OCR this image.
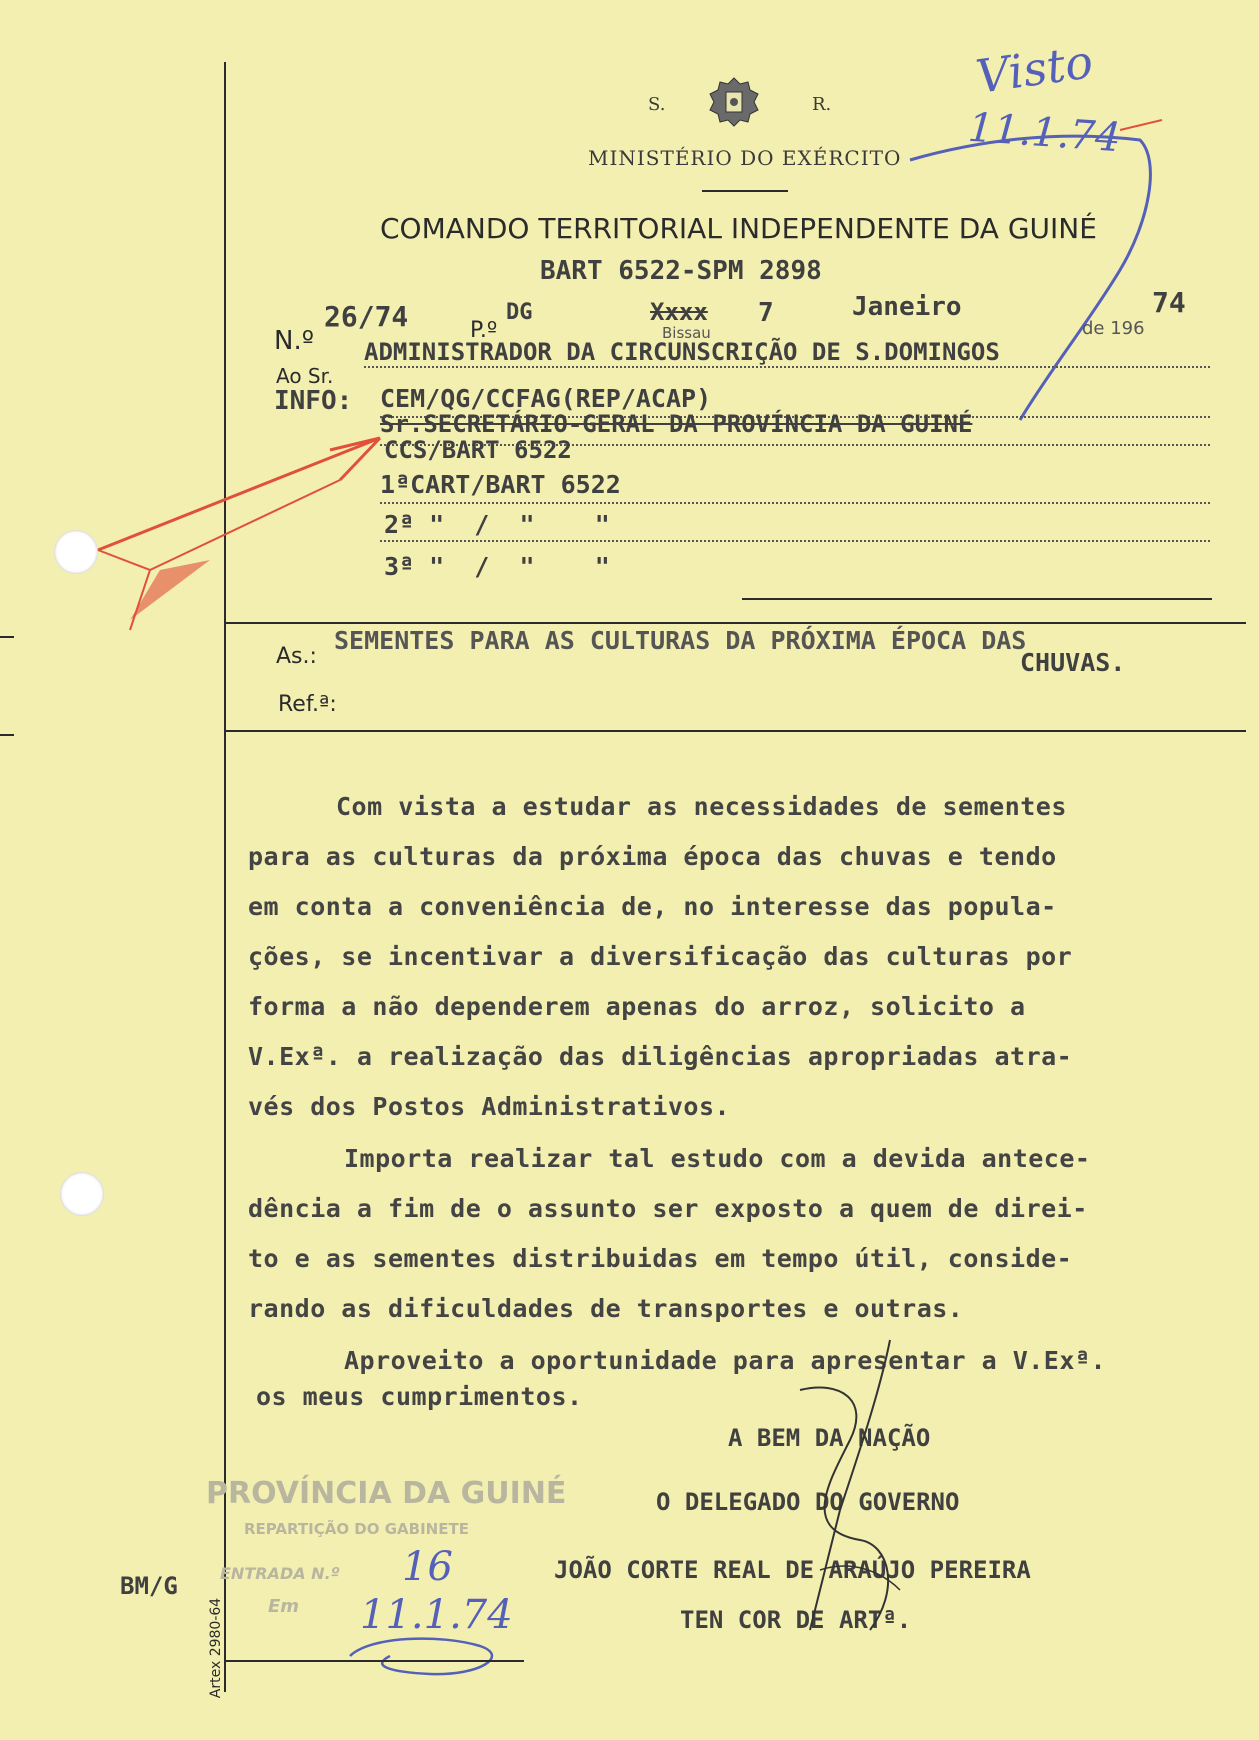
S.	R.
MINISTÉRIO DO EXÉRCITO
COMANDO TERRITORIAL INDEPENDENTE DA GUINÉ
BART 6522-SPM 2898
Visto
11.1.74
N.º
26/74	P.º
DG	Xxxx
Bissau
7	Janeiro
de 196
74
Ao Sr.
ADMINISTRADOR DA CIRCUNSCRIÇÃO DE S.DOMINGOS
INFO: CEM/QG/CCFAG(REP/ACAP)
Sr.SECRETÁRIO-GERAL DA PROVÍNCIA DA GUINÉ
CCS/BART 6522
1ªCART/BART 6522
2ª "  /  "    "
3ª "  /  "    "
As.:
SEMENTES PARA AS CULTURAS DA PRÓXIMA ÉPOCA DAS
CHUVAS.
Ref.ª:
Com vista a estudar as necessidades de sementes
para as culturas da próxima época das chuvas e tendo
em conta a conveniência de, no interesse das popula-
ções, se incentivar a diversificação das culturas por
forma a não dependerem apenas do arroz, solicito a
V.Exª. a realização das diligências apropriadas atra-
vés dos Postos Administrativos.
Importa realizar tal estudo com a devida antece-
dência a fim de o assunto ser exposto a quem de direi-
to e as sementes distribuidas em tempo útil, conside-
rando as dificuldades de transportes e outras.
Aproveito a oportunidade para apresentar a V.Exª.
os meus cumprimentos.
A BEM DA NAÇÃO
O DELEGADO DO GOVERNO
JOÃO CORTE REAL DE ARAÚJO PEREIRA
TEN COR DE ARTª.
PROVÍNCIA DA GUINÉ
REPARTIÇÃO DO GABINETE
ENTRADA N.º
Em
16
11.1.74
BM/G
Artex 2980-64
